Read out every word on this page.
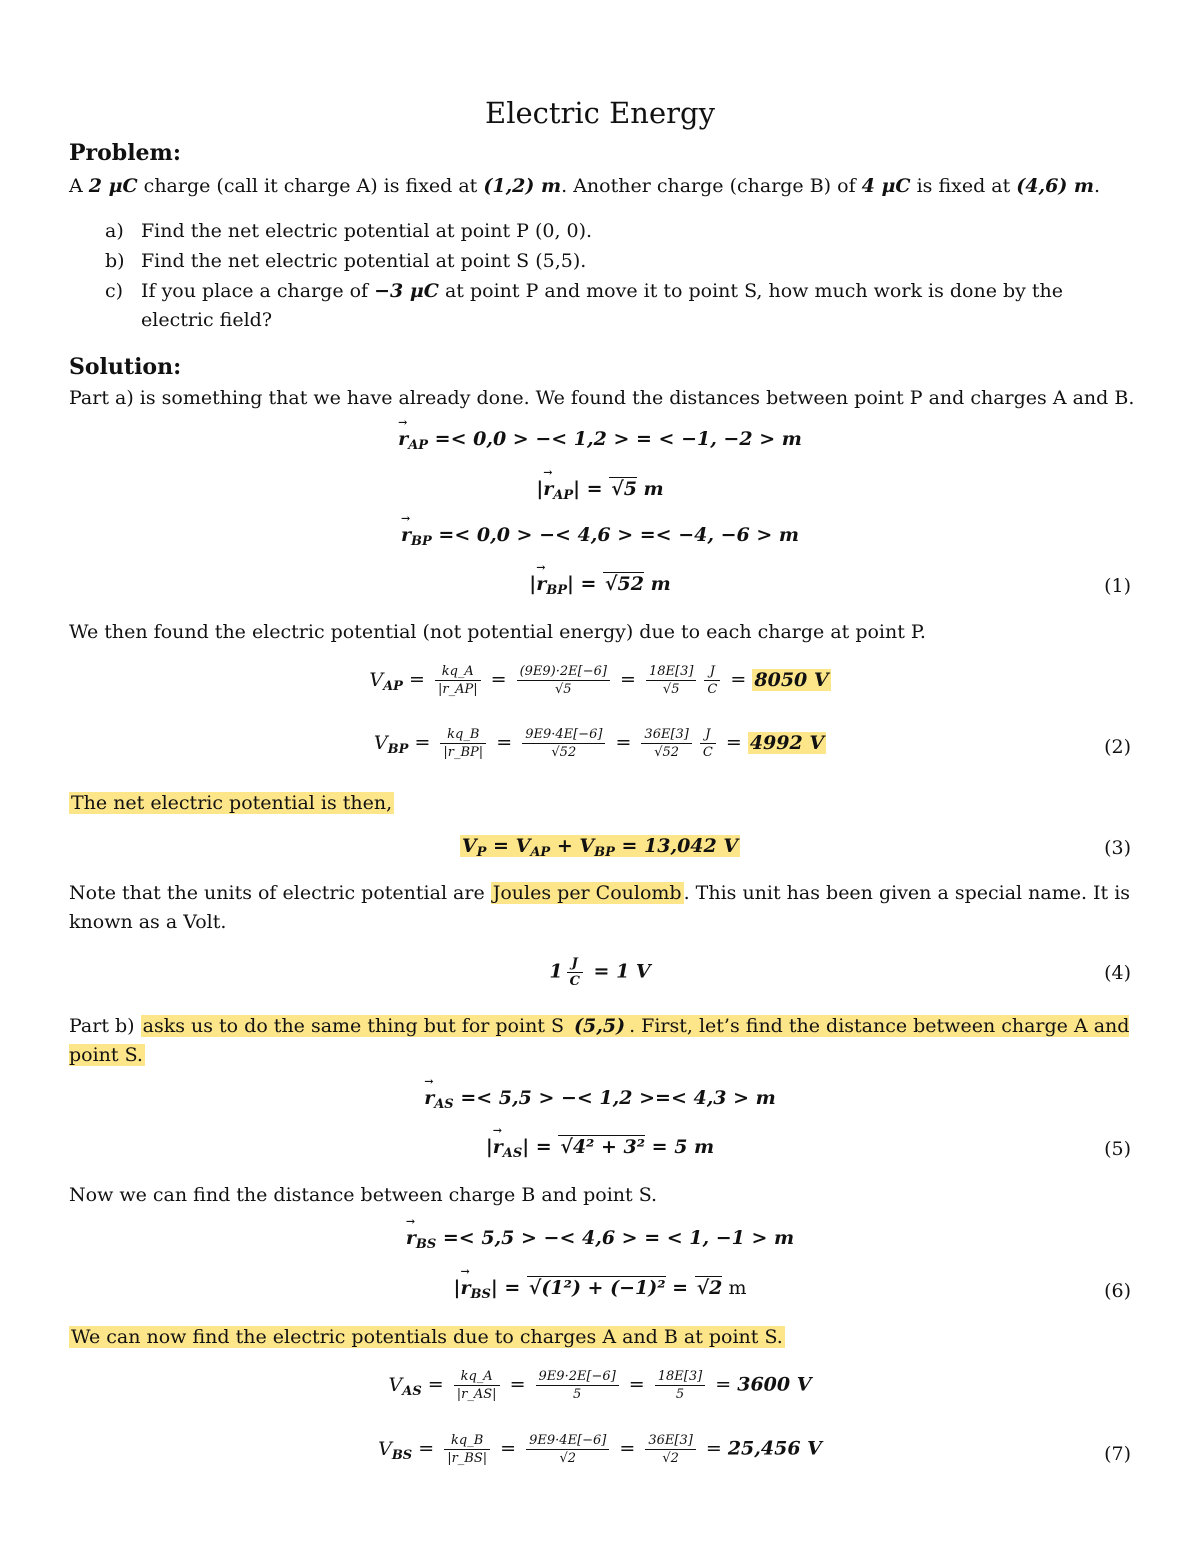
Electric Energy
Problem:
A 2 μC charge (call it charge A) is fixed at (1,2) m. Another charge (charge B) of 4 μC is fixed at (4,6) m.
a) Find the net electric potential at point P (0, 0).
b) Find the net electric potential at point S (5,5).
c) If you place a charge of −3 μC at point P and move it to point S, how much work is done by the electric field?
Solution:
Part a) is something that we have already done. We found the distances between point P and charges A and B.
→ $r_{AP} =< 0,0$ > −< 1,2 > = < −1, −2 > m
|→ $r_{AP}| = √5$ m
→ $r_{BP} =< 0,0$ > −< 4,6 > =< −4, −6 > m
|→ $r_{BP}| = √52$ m	(1)
We then found the electric potential (not potential energy) due to each charge at point P.
$V_{AP} = \frac{kq\_A}{|r\_AP|} = \frac{(9E9)\cdot 2E[-6]}{√5} = \frac{18E[3]}{√5} \frac{J}{C} = 8050$ V
$V_{BP} = \frac{kq\_B}{|r\_BP|} = \frac{9E9\cdot 4E[-6]}{√52} = \frac{36E[3]}{√52} \frac{J}{C} = 4992$ V	(2)
The net electric potential is then,
$V_P = V_{AP} + V_{BP} = 13,042$ V	(3)
Note that the units of electric potential are Joules per Coulomb . This unit has been given a special name. It is known as a Volt.
$1 \frac{J}{C} = 1$ V	(4)
Part b) asks us to do the same thing but for point S (5,5) . First, let’s find the distance between charge A and point S.
→ $r_{AS} =< 5,5$ > −< 1,2 >=< 4,3 > m
|→ $r_{AS}| = √4^2 + 3^2 = 5$ m	(5)
Now we can find the distance between charge B and point S.
→ $r_{BS} =< 5,5$ > −< 4,6 > = < 1, −1 > m
|→ $r_{BS}| = √(1^2) + (-1)^2 = √2$ m	(6)
We can now find the electric potentials due to charges A and B at point S.
$V_{AS} = \frac{kq\_A}{|r\_AS|} = \frac{9E9\cdot 2E[-6]}{5} = \frac{18E[3]}{5} = 3600$ V
$V_{BS} = \frac{kq\_B}{|r\_BS|} = \frac{9E9\cdot 4E[-6]}{√2} = \frac{36E[3]}{√2} = 25,456$ V	(7)
